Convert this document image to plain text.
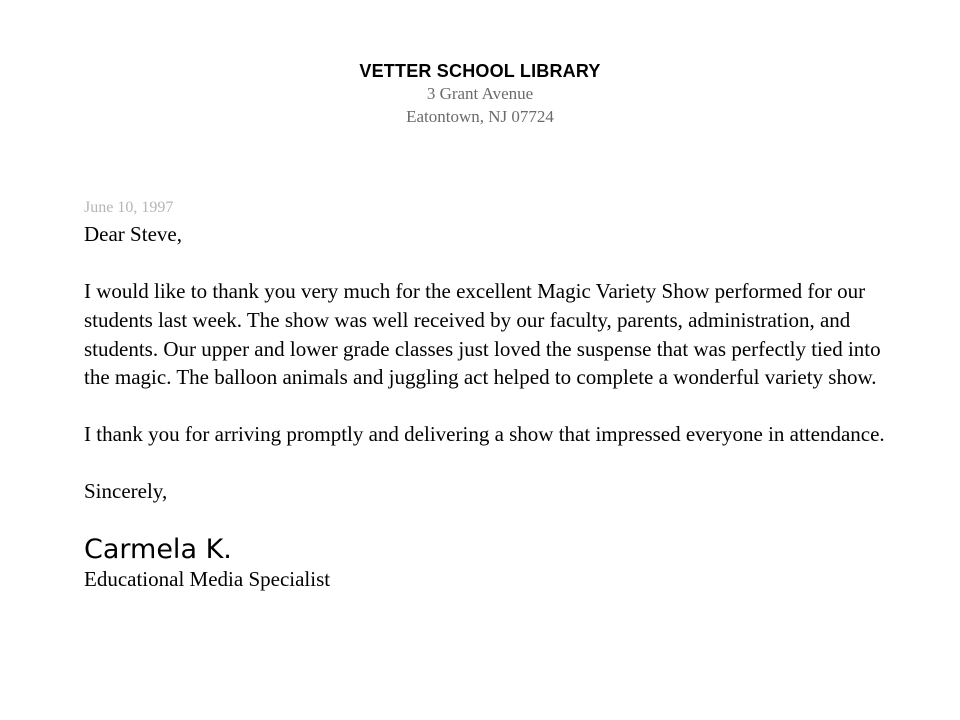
VETTER SCHOOL LIBRARY
3 Grant Avenue
Eatontown, NJ 07724
June 10, 1997
Dear Steve,
I would like to thank you very much for the excellent Magic Variety Show performed for our students last week. The show was well received by our faculty, parents, administration, and students. Our upper and lower grade classes just loved the suspense that was perfectly tied into the magic. The balloon animals and juggling act helped to complete a wonderful variety show.
I thank you for arriving promptly and delivering a show that impressed everyone in attendance.
Sincerely,
Carmela K.
Educational Media Specialist
